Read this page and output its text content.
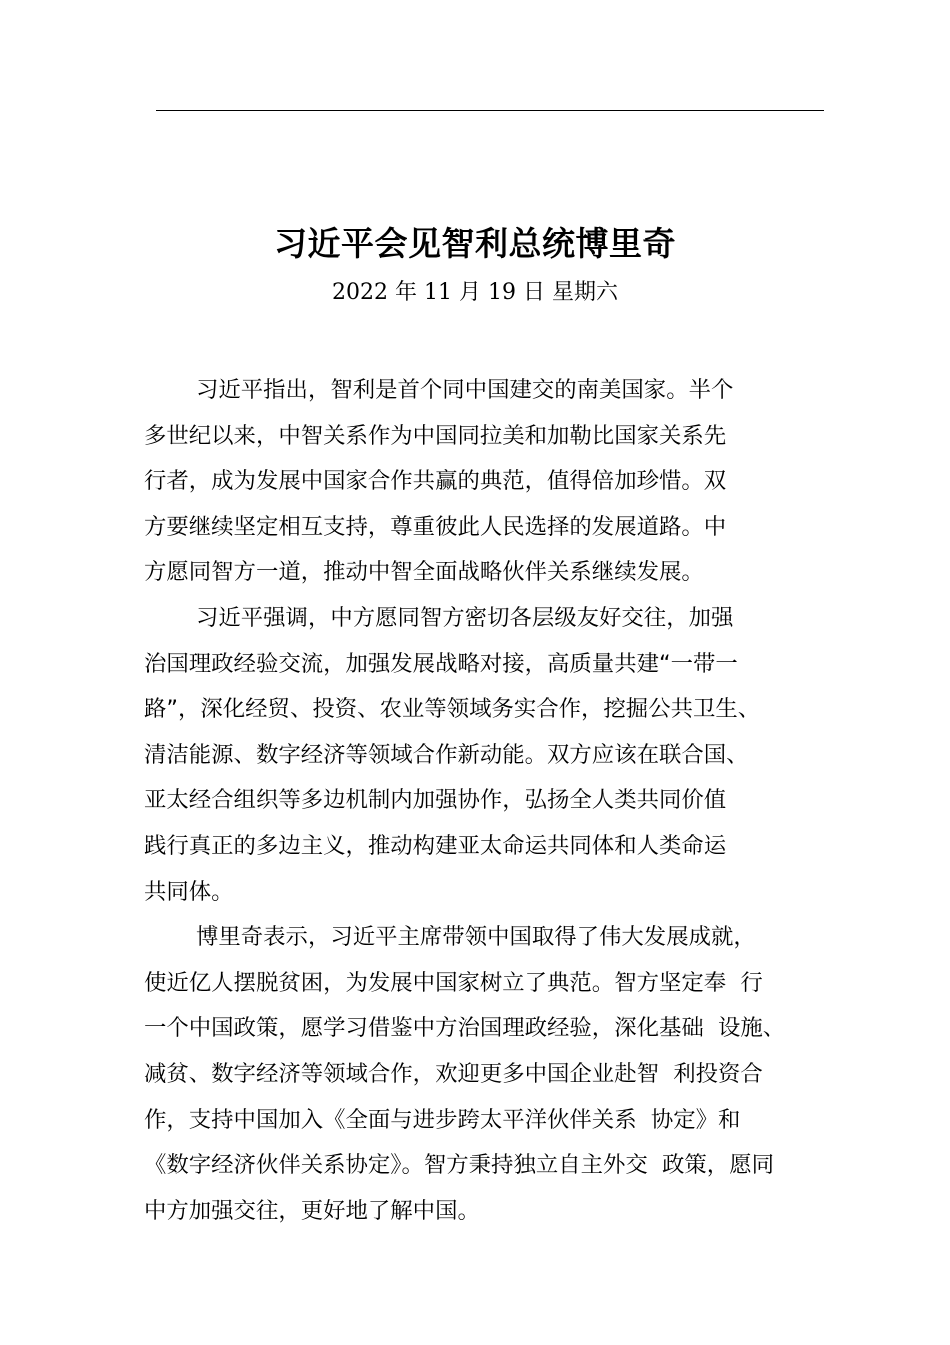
习近平会见智利总统博里奇
2022 年 11 月 19 日 星期六
习近平指出，智利是首个同中国建交的南美国家。半个
多世纪以来，中智关系作为中国同拉美和加勒比国家关系先
行者，成为发展中国家合作共赢的典范，值得倍加珍惜。双
方要继续坚定相互支持，尊重彼此人民选择的发展道路。中
方愿同智方一道，推动中智全面战略伙伴关系继续发展。
习近平强调，中方愿同智方密切各层级友好交往，加强
治国理政经验交流，加强发展战略对接，高质量共建“一带一
路”，深化经贸、投资、农业等领域务实合作，挖掘公共卫生、
清洁能源、数字经济等领域合作新动能。双方应该在联合国、
亚太经合组织等多边机制内加强协作，弘扬全人类共同价值
践行真正的多边主义，推动构建亚太命运共同体和人类命运
共同体。
博里奇表示，习近平主席带领中国取得了伟大发展成就，
使近亿人摆脱贫困，为发展中国家树立了典范。智方坚定奉  行
一个中国政策，愿学习借鉴中方治国理政经验，深化基础  设施、
减贫、数字经济等领域合作，欢迎更多中国企业赴智  利投资合
作，支持中国加入《全面与进步跨太平洋伙伴关系  协定》和
《数字经济伙伴关系协定》。智方秉持独立自主外交  政策，愿同
中方加强交往，更好地了解中国。
